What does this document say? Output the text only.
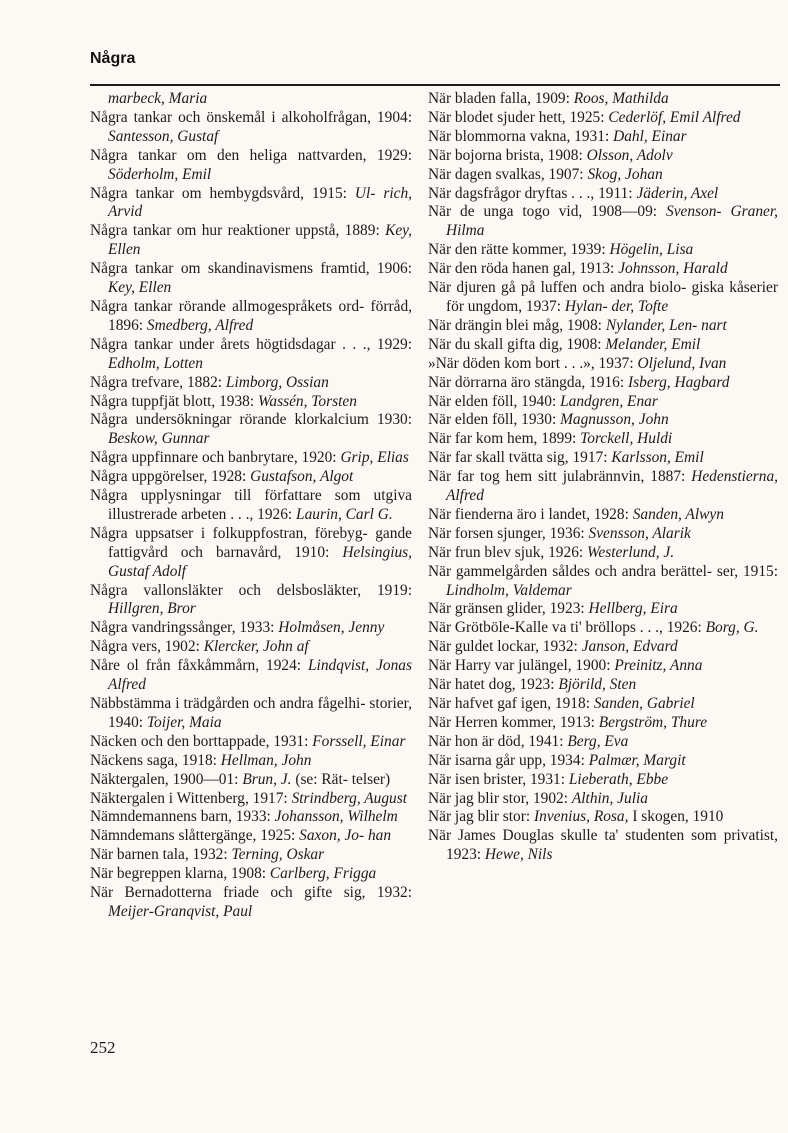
Några
marbeck, Maria
Några tankar och önskemål i alkoholfrågan, 1904: Santesson, Gustaf
Några tankar om den heliga nattvarden, 1929: Söderholm, Emil
Några tankar om hembygdsvård, 1915: Ul- rich, Arvid
Några tankar om hur reaktioner uppstå, 1889: Key, Ellen
Några tankar om skandinavismens framtid, 1906: Key, Ellen
Några tankar rörande allmogespråkets ord- förråd, 1896: Smedberg, Alfred
Några tankar under årets högtidsdagar . . ., 1929: Edholm, Lotten
Några trefvare, 1882: Limborg, Ossian
Några tuppfjät blott, 1938: Wassén, Torsten
Några undersökningar rörande klorkalcium 1930: Beskow, Gunnar
Några uppfinnare och banbrytare, 1920: Grip, Elias
Några uppgörelser, 1928: Gustafson, Algot
Några upplysningar till författare som utgiva illustrerade arbeten . . ., 1926: Laurin, Carl G.
Några uppsatser i folkuppfostran, förebyg- gande fattigvård och barnavård, 1910: Helsingius, Gustaf Adolf
Några vallonsläkter och delsbosläkter, 1919: Hillgren, Bror
Några vandringssånger, 1933: Holmåsen, Jenny
Några vers, 1902: Klercker, John af
Nåre ol från fåxkåmmårn, 1924: Lindqvist, Jonas Alfred
Näbbstämma i trädgården och andra fågelhi- storier, 1940: Toijer, Maia
Näcken och den borttappade, 1931: Forssell, Einar
Näckens saga, 1918: Hellman, John
Näktergalen, 1900—01: Brun, J. (se: Rät- telser)
Näktergalen i Wittenberg, 1917: Strindberg, August
Nämndemannens barn, 1933: Johansson, Wilhelm
Nämndemans slåttergänge, 1925: Saxon, Jo- han
När barnen tala, 1932: Terning, Oskar
När begreppen klarna, 1908: Carlberg, Frigga
När Bernadotterna friade och gifte sig, 1932: Meijer-Granqvist, Paul
När bladen falla, 1909: Roos, Mathilda
När blodet sjuder hett, 1925: Cederlöf, Emil Alfred
När blommorna vakna, 1931: Dahl, Einar
När bojorna brista, 1908: Olsson, Adolv
När dagen svalkas, 1907: Skog, Johan
När dagsfrågor dryftas . . ., 1911: Jäderin, Axel
När de unga togo vid, 1908—09: Svenson- Graner, Hilma
När den rätte kommer, 1939: Högelin, Lisa
När den röda hanen gal, 1913: Johnsson, Harald
När djuren gå på luffen och andra biolo- giska kåserier för ungdom, 1937: Hylan- der, Tofte
När drängin blei måg, 1908: Nylander, Len- nart
När du skall gifta dig, 1908: Melander, Emil
»När döden kom bort . . .», 1937: Oljelund, Ivan
När dörrarna äro stängda, 1916: Isberg, Hagbard
När elden föll, 1940: Landgren, Enar
När elden föll, 1930: Magnusson, John
När far kom hem, 1899: Torckell, Huldi
När far skall tvätta sig, 1917: Karlsson, Emil
När far tog hem sitt julabrännvin, 1887: Hedenstierna, Alfred
När fienderna äro i landet, 1928: Sanden, Alwyn
När forsen sjunger, 1936: Svensson, Alarik
När frun blev sjuk, 1926: Westerlund, J.
När gammelgården såldes och andra berättel- ser, 1915: Lindholm, Valdemar
När gränsen glider, 1923: Hellberg, Eira
När Grötböle-Kalle va ti' bröllops . . ., 1926: Borg, G.
När guldet lockar, 1932: Janson, Edvard
När Harry var julängel, 1900: Preinitz, Anna
När hatet dog, 1923: Björild, Sten
När hafvet gaf igen, 1918: Sanden, Gabriel
När Herren kommer, 1913: Bergström, Thure
När hon är död, 1941: Berg, Eva
När isarna går upp, 1934: Palmær, Margit
När isen brister, 1931: Lieberath, Ebbe
När jag blir stor, 1902: Althin, Julia
När jag blir stor: Invenius, Rosa, I skogen, 1910
När James Douglas skulle ta' studenten som privatist, 1923: Hewe, Nils
252
